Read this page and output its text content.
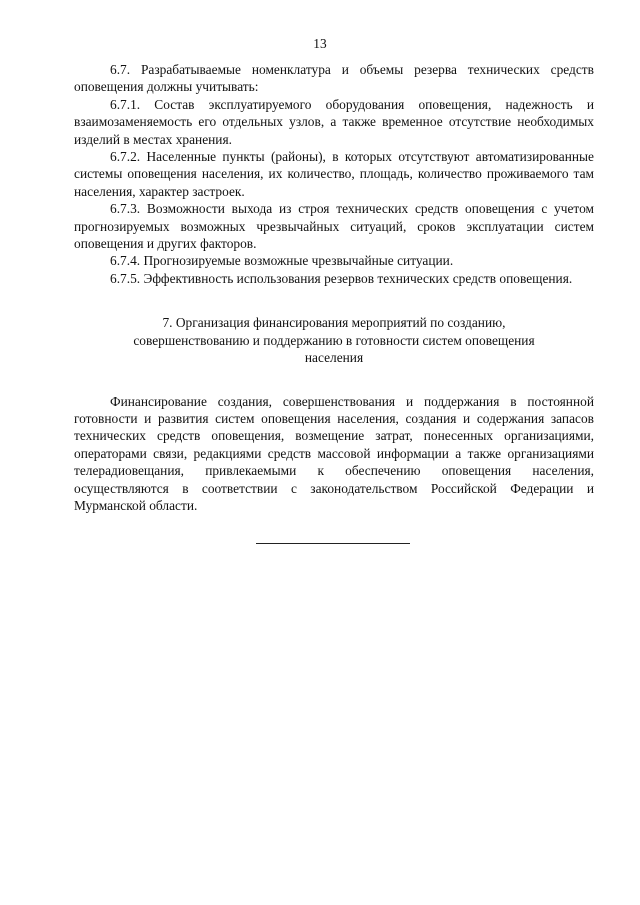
13

6.7. Разрабатываемые номенклатура и объемы резерва технических средств оповещения должны учитывать:

6.7.1. Состав эксплуатируемого оборудования оповещения, надежность и взаимозаменяемость его отдельных узлов, а также временное отсутствие необходимых изделий в местах хранения.

6.7.2. Населенные пункты (районы), в которых отсутствуют автоматизированные системы оповещения населения, их количество, площадь, количество проживаемого там населения, характер застроек.

6.7.3. Возможности выхода из строя технических средств оповещения с учетом прогнозируемых возможных чрезвычайных ситуаций, сроков эксплуатации систем оповещения и других факторов.

6.7.4. Прогнозируемые возможные чрезвычайные ситуации.

6.7.5. Эффективность использования резервов технических средств оповещения.

7. Организация финансирования мероприятий по созданию,
совершенствованию и поддержанию в готовности систем оповещения
населения

Финансирование создания, совершенствования и поддержания в постоянной готовности и развития систем оповещения населения, создания и содержания запасов технических средств оповещения, возмещение затрат, понесенных организациями, операторами связи, редакциями средств массовой информации а также организациями телерадиовещания, привлекаемыми к обеспечению оповещения населения, осуществляются в соответствии с законодательством Российской Федерации и Мурманской области.
